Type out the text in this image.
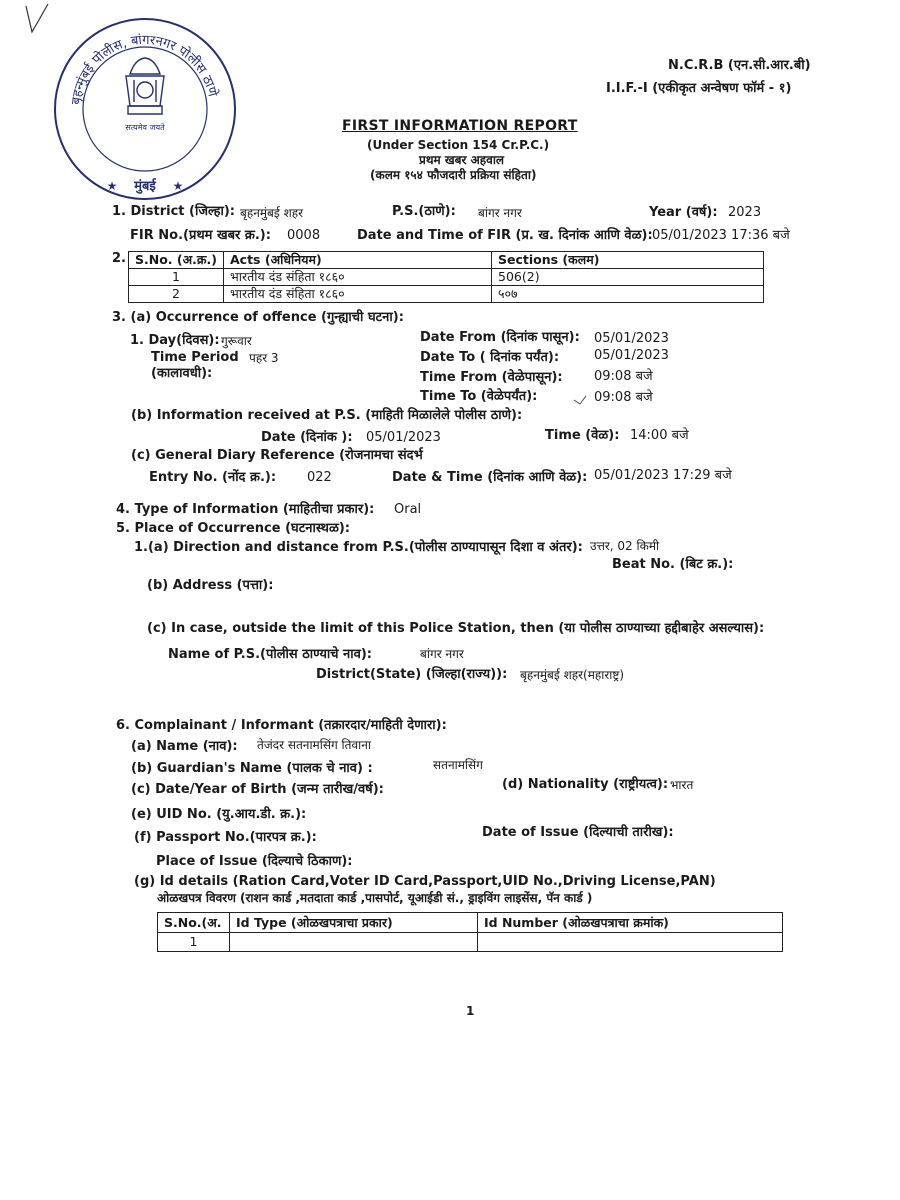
बृहन्मुंबई पोलीस, बांगरनगर पोलीस ठाणे
सत्यमेव जयते
मुंबई
★	★
N.C.R.B (एन.सी.आर.बी)
I.I.F.-I (एकीकृत अन्वेषण फॉर्म - १)
FIRST INFORMATION REPORT
(Under Section 154 Cr.P.C.)
प्रथम खबर अहवाल
(कलम १५४ फौजदारी प्रक्रिया संहिता)
1. District (जिल्हा): बृहनमुंबई शहर	P.S.(ठाणे): बांगर नगर	Year (वर्ष): 2023
FIR No.(प्रथम खबर क्र.): 0008	Date and Time of FIR (प्र. ख. दिनांक आणि वेळ): 05/01/2023 17:36 बजे
2. S.No. (अ.क्र.)	Acts (अधिनियम)	Sections (कलम)
1	भारतीय दंड संहिता १८६०	506(2)
2	भारतीय दंड संहिता १८६०	५०७
3. (a) Occurrence of offence (गुन्ह्याची घटना):
1. Day(दिवस): गुरूवार
Time Period पहर 3
(कालावधी):
Date From (दिनांक पासून): 05/01/2023
Date To ( दिनांक पर्यंत):	05/01/2023
Time From (वेळेपासून): 09:08 बजे
Time To (वेळेपर्यंत):	09:08 बजे
(b) Information received at P.S. (माहिती मिळालेले पोलीस ठाणे):
Date (दिनांक ): 05/01/2023	Time (वेळ): 14:00 बजे
(c) General Diary Reference (रोजनामचा संदर्भ
Entry No. (नोंद क्र.): 022	Date & Time (दिनांक आणि वेळ): 05/01/2023 17:29 बजे
4. Type of Information (माहितीचा प्रकार): Oral
5. Place of Occurrence (घटनास्थळ):
1.(a) Direction and distance from P.S.(पोलीस ठाण्यापासून दिशा व अंतर): उत्तर, 02 किमी
Beat No. (बिट क्र.):
(b) Address (पत्ता):
(c) In case, outside the limit of this Police Station, then (या पोलीस ठाण्याच्या हद्दीबाहेर असल्यास):
Name of P.S.(पोलीस ठाण्याचे नाव):	बांगर नगर
District(State) (जिल्हा(राज्य)): बृहनमुंबई शहर(महाराष्ट्र)
6. Complainant / Informant (तक्रारदार/माहिती देणारा):
(a) Name (नाव): तेजंदर सतनामसिंग तिवाना
(b) Guardian's Name (पालक चे नाव) :	सतनामसिंग
(c) Date/Year of Birth (जन्म तारीख/वर्ष):	(d) Nationality (राष्ट्रीयत्व): भारत
(e) UID No. (यु.आय.डी. क्र.):
(f) Passport No.(पारपत्र क्र.):	Date of Issue (दिल्याची तारीख):
Place of Issue (दिल्याचे ठिकाण):
(g) Id details (Ration Card,Voter ID Card,Passport,UID No.,Driving License,PAN)
ओळखपत्र विवरण (राशन कार्ड ,मतदाता कार्ड ,पासपोर्ट, यूआईडी सं., ड्राइविंग लाइसेंस, पॅन कार्ड )
S.No.(अ.	Id Type (ओळखपत्राचा प्रकार)	Id Number (ओळखपत्राचा क्रमांक)
1		
1
